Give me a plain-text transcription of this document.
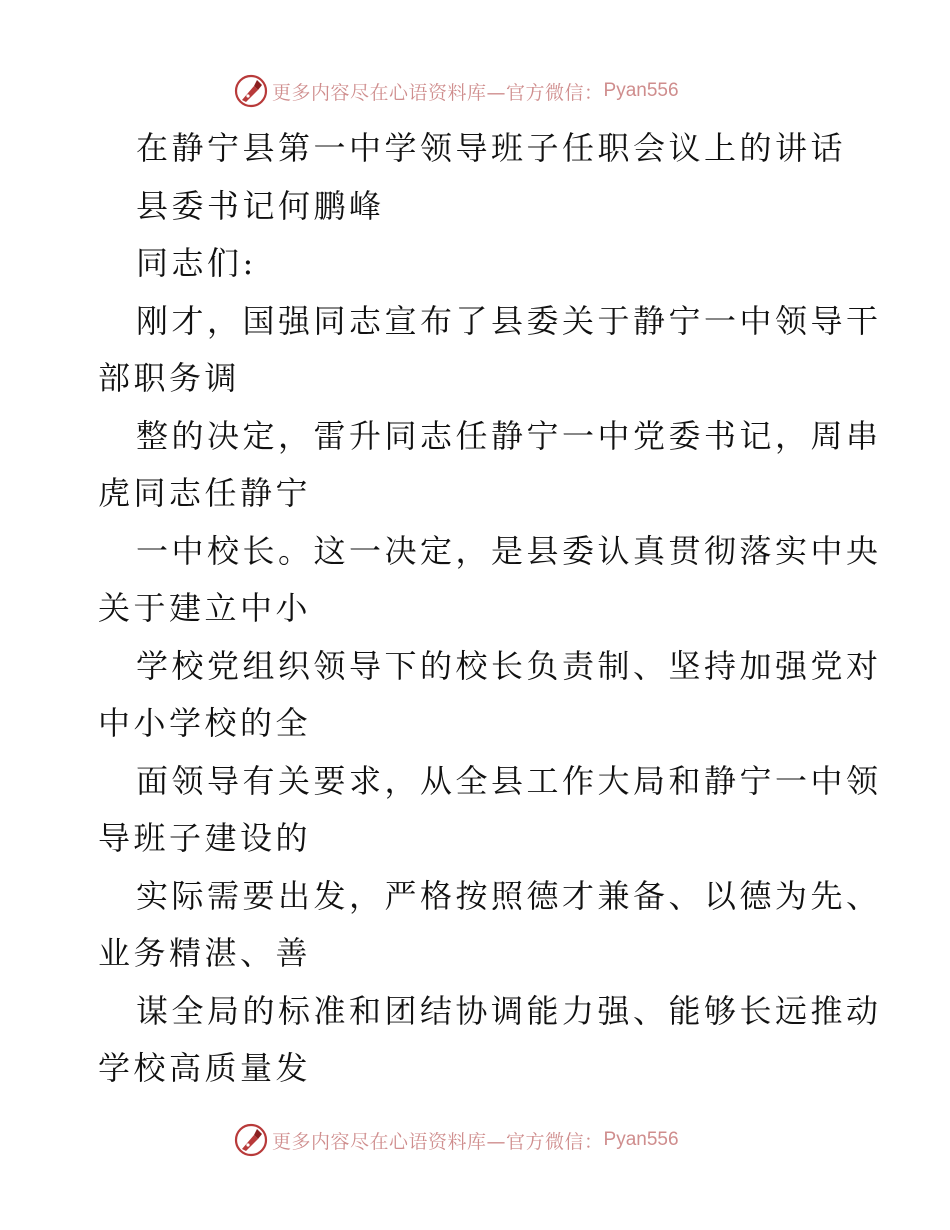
更多内容尽在心语资料库—官方微信： Pyan556
在静宁县第一中学领导班子任职会议上的讲话
县委书记何鹏峰
同志们:
刚才，国强同志宣布了县委关于静宁一中领导干
部职务调
整的决定，雷升同志任静宁一中党委书记，周串
虎同志任静宁
一中校长。这一决定，是县委认真贯彻落实中央
关于建立中小
学校党组织领导下的校长负责制、坚持加强党对
中小学校的全
面领导有关要求，从全县工作大局和静宁一中领
导班子建设的
实际需要出发，严格按照德才兼备、以德为先、
业务精湛、善
谋全局的标准和团结协调能力强、能够长远推动
学校高质量发
更多内容尽在心语资料库—官方微信： Pyan556
